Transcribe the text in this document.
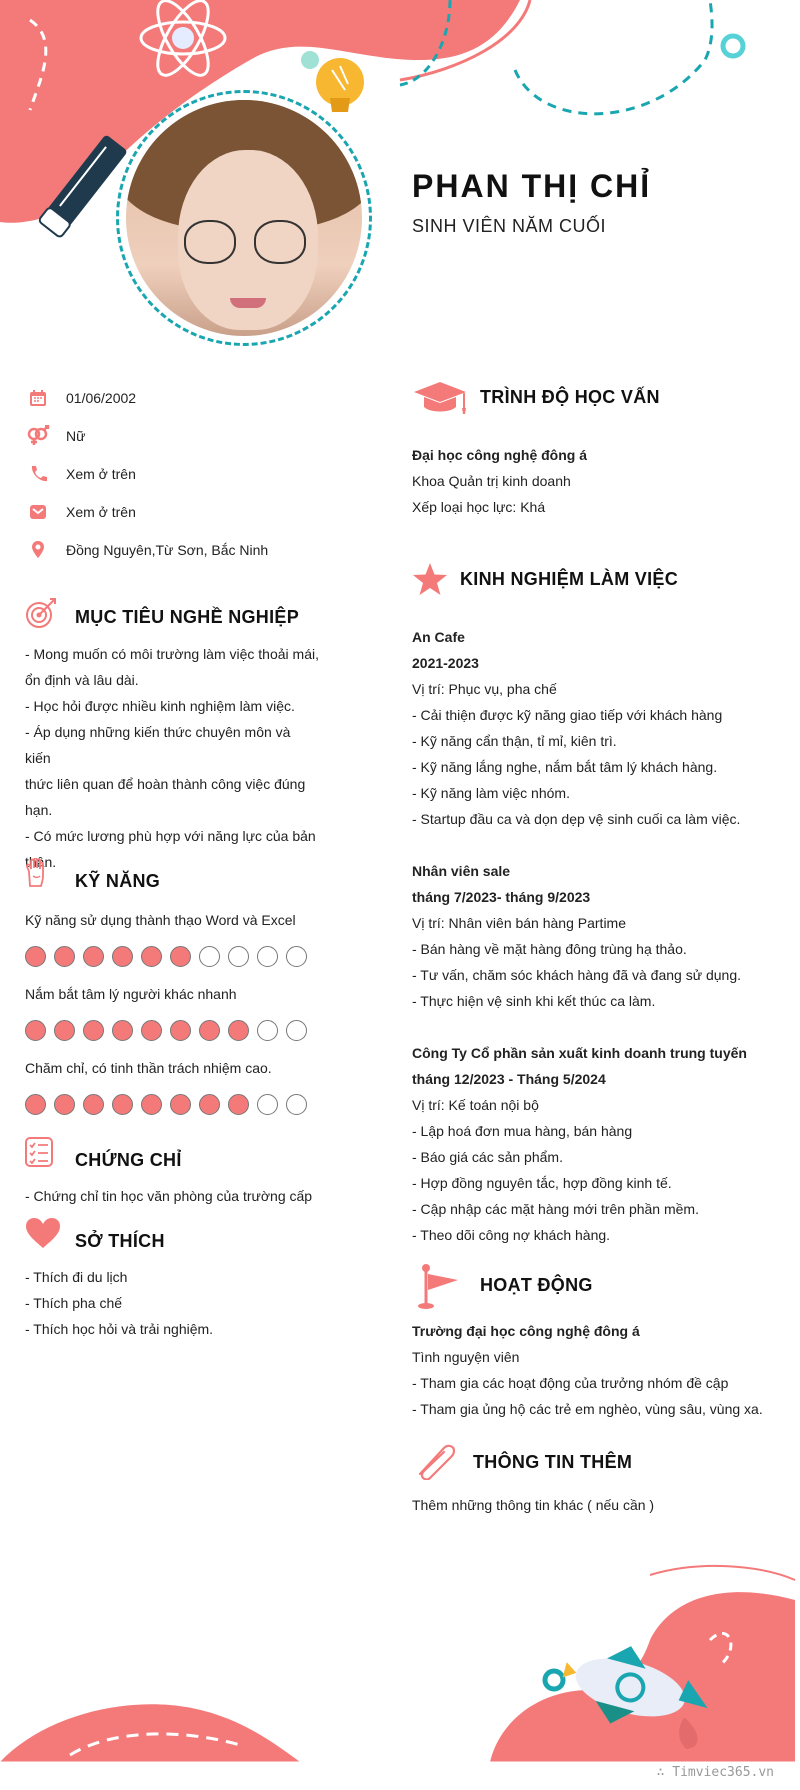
PHAN THỊ CHỈ
SINH VIÊN NĂM CUỐI
01/06/2002
Nữ
Xem ở trên
Xem ở trên
Đồng Nguyên,Từ Sơn, Bắc Ninh
MỤC TIÊU NGHỀ NGHIỆP

- Mong muốn có môi trường làm việc thoải mái,

ổn định và lâu dài.

- Học hỏi được nhiều kinh nghiệm làm việc.

- Áp dụng những kiến thức chuyên môn và kiến

thức liên quan để hoàn thành công việc đúng

hạn.

- Có mức lương phù hợp với năng lực của bản

thân.

KỸ NĂNG
Kỹ năng sử dụng thành thạo Word và Excel
Nắm bắt tâm lý người khác nhanh
Chăm chỉ, có tinh thần trách nhiệm cao.
CHỨNG CHỈ

- Chứng chỉ tin học văn phòng của trường cấp

SỞ THÍCH

- Thích đi du lịch

- Thích pha chế

- Thích học hỏi và trải nghiệm.

TRÌNH ĐỘ HỌC VẤN

Đại học công nghệ đông á

Khoa Quản trị kinh doanh

Xếp loại học lực: Khá

KINH NGHIỆM LÀM VIỆC

An Cafe

2021-2023

Vị trí: Phục vụ, pha chế

- Cải thiện được kỹ năng giao tiếp với khách hàng

- Kỹ năng cẩn thận, tỉ mỉ, kiên trì.

- Kỹ năng lắng nghe, nắm bắt tâm lý khách hàng.

- Kỹ năng làm việc nhóm.

- Startup đầu ca và dọn dẹp vệ sinh cuối ca làm việc.

Nhân viên sale

tháng 7/2023- tháng 9/2023

Vị trí: Nhân viên bán hàng Partime

- Bán hàng về mặt hàng đông trùng hạ thảo.

- Tư vấn, chăm sóc khách hàng đã và đang sử dụng.

- Thực hiện vệ sinh khi kết thúc ca làm.

Công Ty Cổ phần sản xuất kinh doanh trung tuyến

tháng 12/2023 - Tháng 5/2024

Vị trí: Kế toán nội bộ

- Lập hoá đơn mua hàng, bán hàng

- Báo giá các sản phẩm.

- Hợp đồng nguyên tắc, hợp đồng kinh tế.

- Cập nhập các mặt hàng mới trên phần mềm.

- Theo dõi công nợ khách hàng.

HOẠT ĐỘNG

Trường đại học công nghệ đông á

Tình nguyện viên

- Tham gia các hoạt động của trưởng nhóm đề cập

- Tham gia ủng hộ các trẻ em nghèo, vùng sâu, vùng xa.

THÔNG TIN THÊM

Thêm những thông tin khác ( nếu cần )

∴ Timviec365.vn
